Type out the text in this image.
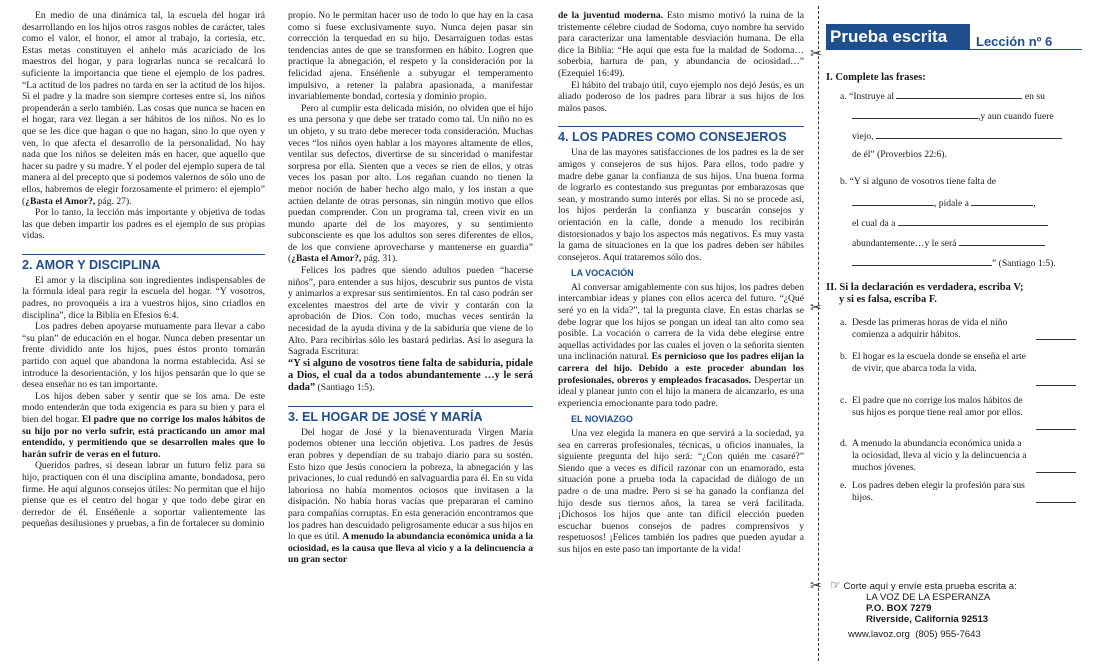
En medio de una dinámica tal, la escuela del hogar irá desarrollando en los hijos otros rasgos nobles de carácter, tales como el valor, el honor, el amor al trabajo, la cortesía, etc. Estas metas constituyen el anhelo más acariciado de los maestros del hogar, y para lograrlas nunca se recalcará lo suficiente la importancia que tiene el ejemplo de los padres. “La actitud de los padres no tarda en ser la actitud de los hijos. Si el padre y la madre son siempre corteses entre sí, los niños propenderán a serlo también. Las cosas que nunca se hacen en el hogar, rara vez llegan a ser hábitos de los niños. No es lo que se les dice que hagan o que no hagan, sino lo que oyen y ven, lo que afecta el desarrollo de la personalidad. No hay nada que los niños se deleiten más en hacer, que aquello que hacer su padre y su madre. Y el poder del ejemplo supera de tal manera al del precepto que si podemos valernos de sólo uno de ellos, habremos de elegir forzosamente el primero: el ejemplo” (¿Basta el Amor?, pág. 27).

Por lo tanto, la lección más importante y objetiva de todas las que deben impartir los padres es el ejemplo de sus propias vidas.

2. AMOR Y DISCIPLINA

El amor y la disciplina son ingredientes indispensables de la fórmula ideal para regir la escuela del hogar. “Y vosotros, padres, no provoquéis a ira a vuestros hijos, sino criadlos en disciplina”, dice la Biblia en Efesios 6:4.

Los padres deben apoyarse mutuamente para llevar a cabo “su plan” de educación en el hogar. Nunca deben presentar un frente dividido ante los hijos, pues éstos pronto tomarán partido con aquel que abandona la norma establecida. Así se introduce la desorientación, y los hijos pensarán que lo que se desea enseñar no es tan importante.

Los hijos deben saber y sentir que se los ama. De este modo entenderán que toda exigencia es para su bien y para el bien del hogar. El padre que no corrige los malos hábitos de su hijo por no verlo sufrir, está practicando un amor mal entendido, y permitiendo que se desarrollen males que lo harán sufrir de veras en el futuro.

Queridos padres, si desean labrar un futuro feliz para su hijo, practiquen con él una disciplina amante, bondadosa, pero firme. He aquí algunos consejos útiles: No permitan que el hijo piense que es el centro del hogar y que todo debe girar en derredor de él. Enséñenle a soportar valientemente las pequeñas desilusiones y pruebas, a fin de fortalecer su dominio

propio. No le permitan hacer uso de todo lo que hay en la casa como si fuese exclusivamente suyo. Nunca dejen pasar sin corrección la terquedad en su hijo. Desarraiguen todas estas tendencias antes de que se transformen en hábito. Logren que practique la abnegación, el respeto y la consideración por la felicidad ajena. Enséñenle a subyugar el temperamento impulsivo, a retener la palabra apasionada, a manifestar invariablemente bondad, cortesía y dominio propio.

Pero al cumplir esta delicada misión, no olviden que el hijo es una persona y que debe ser tratado como tal. Un niño no es un objeto, y su trato debe merecer toda consideración. Muchas veces “los niños oyen hablar a los mayores altamente de ellos, ventilar sus defectos, divertirse de su sinceridad o manifestar sorpresa por ella. Sienten que a veces se ríen de ellos, y otras veces los pasan por alto. Los regañan cuando no tienen la menor noción de haber hecho algo malo, y los instan a que actúen delante de otras personas, sin ningún motivo que ellos puedan comprender. Con un programa tal, creen vivir en un mundo aparte del de los mayores, y su sentimiento subconsciente es que los adultos son seres diferentes de ellos, de los que conviene aprovecharse y mantenerse en guardia” (¿Basta el Amor?, pág. 31).

Felices los padres que siendo adultos pueden “hacerse niños”, para entender a sus hijos, descubrir sus puntos de vista y animarlos a expresar sus sentimientos. En tal caso podrán ser excelentes maestros del arte de vivir y contarán con la aprobación de Dios. Con todo, muchas veces sentirán la necesidad de la ayuda divina y de la sabiduría que viene de lo Alto. Para recibirlas sólo les bastará pedirlas. Así lo asegura la Sagrada Escritura:

“Y si alguno de vosotros tiene falta de sabiduría, pídale a Dios, el cual da a todos abundantemente …y le será dada” (Santiago 1:5).

3. EL HOGAR DE JOSÉ Y MARÍA

Del hogar de José y la bienaventurada Virgen María podemos obtener una lección objetiva. Los padres de Jesús eran pobres y dependían de su trabajo diario para su sostén. Esto hizo que Jesús conociera la pobreza, la abnegación y las privaciones, lo cual redundó en salvaguardia para él. En su vida laboriosa no había momentos ociosos que invitasen a la disipación. No había horas vacías que prepararan el camino para compañías corruptas. En esta generación encontramos que los padres han descuidado peligrosamente educar a sus hijos en lo que es útil. A menudo la abundancia económica unida a la ociosidad, es la causa que lleva al vicio y a la delincuencia a un gran sector

de la juventud moderna. Esto mismo motivó la ruina de la tristemente célebre ciudad de Sodoma, cuyo nombre ha servido para caracterizar una lamentable desviación humana. De ella dice la Biblia: “He aquí que esta fue la maldad de Sodoma… soberbia, hartura de pan, y abundancia de ociosidad…” (Ezequiel 16:49).

El hábito del trabajo útil, cuyo ejemplo nos dejó Jesús, es un aliado poderoso de los padres para librar a sus hijos de los malos pasos.

4. LOS PADRES COMO CONSEJEROS

Una de las mayores satisfacciones de los padres es la de ser amigos y consejeros de sus hijos. Para ellos, todo padre y madre debe ganar la confianza de sus hijos. Una buena forma de lograrlo es contestando sus preguntas por embarazosas que sean, y mostrando sumo interés por ellas. Si no se procede así, los hijos perderán la confianza y buscarán consejos y orientación en la calle, donde a menudo los recibirán distorsionados y bajo los aspectos más negativos. Es muy vasta la gama de situaciones en la que los padres deben ser hábiles consejeros. Aquí trataremos sólo dos.

LA VOCACIÓN

Al conversar amigablemente con sus hijos, los padres deben intercambiar ideas y planes con ellos acerca del futuro. “¿Qué seré yo en la vida?”, tal la pregunta clave. En estas charlas se debe lograr que los hijos se pongan un ideal tan alto como sea posible. La vocación o carrera de la vida debe elegirse entre aquellas actividades por las cuales el joven o la señorita sienten una inclinación natural. Es pernicioso que los padres elijan la carrera del hijo. Debido a este proceder abundan los profesionales, obreros y empleados fracasados. Despertar un ideal y planear junto con el hijo la manera de alcanzarlo, es una experiencia emocionante para todo padre.

EL NOVIAZGO

Una vez elegida la manera en que servirá a la sociedad, ya sea en carreras profesionales, técnicas, u oficios inanuales, la siguiente pregunta del hijo será: “¿Con quién me casaré?” Siendo que a veces es difícil razonar con un enamorado, esta situación pone a prueba toda la capacidad de diálogo de un padre o de una madre. Pero si se ha ganado la confianza del hijo desde sus tiernos años, la tarea se verá facilitada. ¡Dichosos los hijos que ante tan difícil elección pueden escuchar buenos consejos de padres comprensivos y respetuosos! ¡Felices también los padres que pueden ayudar a sus hijos en este paso tan importante de la vida!

✂
✂
✂
Prueba escrita	Lección nº 6
I. Complete las frases:
a. “Instruye al	en su
,y aun cuando fuere
viejo,
de él” (Proverbios 22:6).
b. “Y si alguno de vosotros tiene falta de
, pídale a	,
el cual da a
abundantemente…y le será
” (Santiago 1:5).
II. Si la declaración es verdadera, escriba V;
y si es falsa, escriba F.
a. Desde las primeras horas de vida el niño comienza a adquirir hábitos.
b. El hogar es la escuela donde se enseña el arte de vivir, que abarca toda la vida.
c. El padre que no corrige los malos hábitos de sus hijos es porque tiene real amor por ellos.
d. A menudo la abundancia económica unida a la ociosidad, lleva al vicio y la delincuencia a muchos jóvenes.
e. Los padres deben elegir la profesión para sus hijos.
☞ Corte aquí y envíe esta prueba escrita a:
LA VOZ DE LA ESPERANZA
P.O. BOX 7279
Riverside, California 92513
www.lavoz.org (805) 955-7643
